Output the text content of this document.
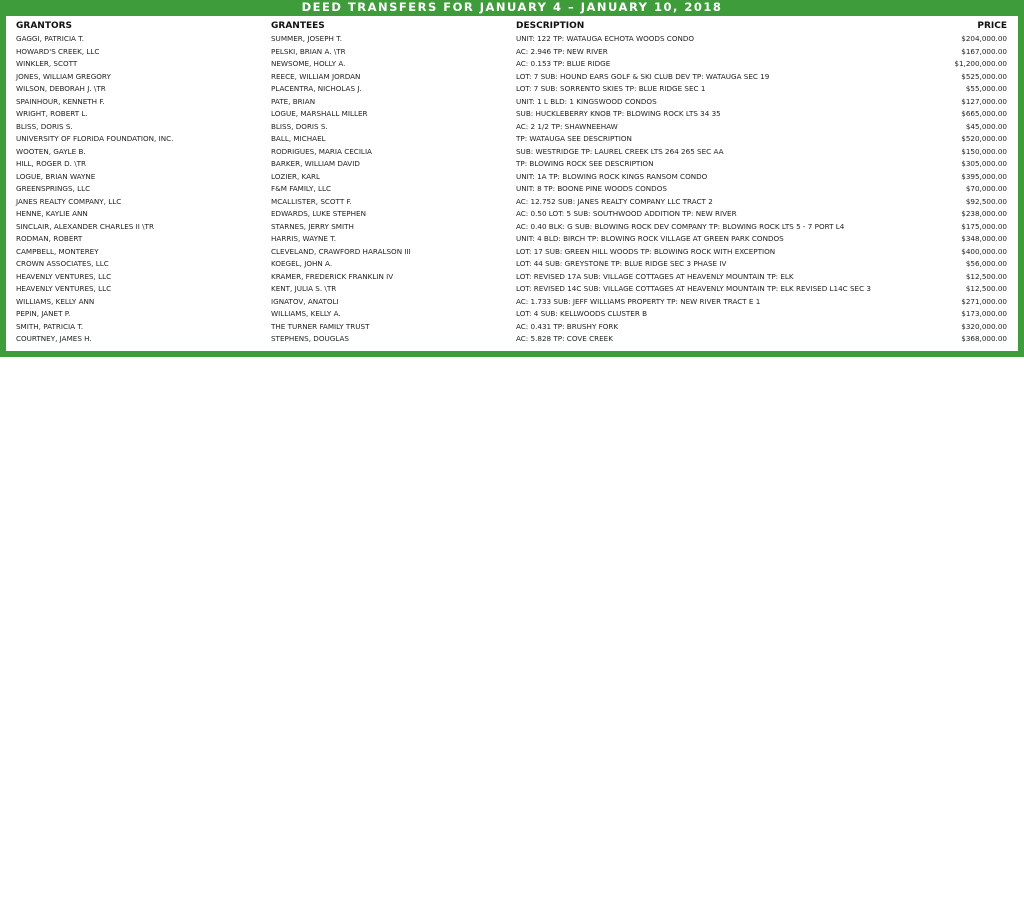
DEED TRANSFERS FOR JANUARY 4 – JANUARY 10, 2018
GRANTORS	GRANTEES	DESCRIPTION	PRICE
GAGGI, PATRICIA T.	SUMMER, JOSEPH T.	UNIT: 122 TP: WATAUGA ECHOTA WOODS CONDO	$204,000.00
HOWARD'S CREEK, LLC	PELSKI, BRIAN A. \TR	AC: 2.946 TP: NEW RIVER	$167,000.00
WINKLER, SCOTT	NEWSOME, HOLLY A.	AC: 0.153 TP: BLUE RIDGE	$1,200,000.00
JONES, WILLIAM GREGORY	REECE, WILLIAM JORDAN	LOT: 7 SUB: HOUND EARS GOLF & SKI CLUB DEV TP: WATAUGA SEC 19	$525,000.00
WILSON, DEBORAH J. \TR	PLACENTRA, NICHOLAS J.	LOT: 7 SUB: SORRENTO SKIES TP: BLUE RIDGE SEC 1	$55,000.00
SPAINHOUR, KENNETH F.	PATE, BRIAN	UNIT: 1 L BLD: 1 KINGSWOOD CONDOS	$127,000.00
WRIGHT, ROBERT L.	LOGUE, MARSHALL MILLER	SUB: HUCKLEBERRY KNOB TP: BLOWING ROCK LTS 34 35	$665,000.00
BLISS, DORIS S.	BLISS, DORIS S.	AC: 2 1/2 TP: SHAWNEEHAW	$45,000.00
UNIVERSITY OF FLORIDA FOUNDATION, INC.	BALL, MICHAEL	TP: WATAUGA SEE DESCRIPTION	$520,000.00
WOOTEN, GAYLE B.	RODRIGUES, MARIA CECILIA	SUB: WESTRIDGE TP: LAUREL CREEK LTS 264 265 SEC AA	$150,000.00
HILL, ROGER D. \TR	BARKER, WILLIAM DAVID	TP: BLOWING ROCK SEE DESCRIPTION	$305,000.00
LOGUE, BRIAN WAYNE	LOZIER, KARL	UNIT: 1A TP: BLOWING ROCK KINGS RANSOM CONDO	$395,000.00
GREENSPRINGS, LLC	F&M FAMILY, LLC	UNIT: 8 TP: BOONE PINE WOODS CONDOS	$70,000.00
JANES REALTY COMPANY, LLC	MCALLISTER, SCOTT F.	AC: 12.752 SUB: JANES REALTY COMPANY LLC TRACT 2	$92,500.00
HENNE, KAYLIE ANN	EDWARDS, LUKE STEPHEN	AC: 0.50 LOT: 5 SUB: SOUTHWOOD ADDITION TP: NEW RIVER	$238,000.00
SINCLAIR, ALEXANDER CHARLES II \TR	STARNES, JERRY SMITH	AC: 0.40 BLK: G SUB: BLOWING ROCK DEV COMPANY TP: BLOWING ROCK LTS 5 - 7 PORT L4	$175,000.00
RODMAN, ROBERT	HARRIS, WAYNE T.	UNIT: 4 BLD: BIRCH TP: BLOWING ROCK VILLAGE AT GREEN PARK CONDOS	$348,000.00
CAMPBELL, MONTEREY	CLEVELAND, CRAWFORD HARALSON III	LOT: 17 SUB: GREEN HILL WOODS TP: BLOWING ROCK WITH EXCEPTION	$400,000.00
CROWN ASSOCIATES, LLC	KOEGEL, JOHN A.	LOT: 44 SUB: GREYSTONE TP: BLUE RIDGE SEC 3 PHASE IV	$56,000.00
HEAVENLY VENTURES, LLC	KRAMER, FREDERICK FRANKLIN IV	LOT: REVISED 17A SUB: VILLAGE COTTAGES AT HEAVENLY MOUNTAIN TP: ELK	$12,500.00
HEAVENLY VENTURES, LLC	KENT, JULIA S. \TR	LOT: REVISED 14C SUB: VILLAGE COTTAGES AT HEAVENLY MOUNTAIN TP: ELK REVISED L14C SEC 3	$12,500.00
WILLIAMS, KELLY ANN	IGNATOV, ANATOLI	AC: 1.733 SUB: JEFF WILLIAMS PROPERTY TP: NEW RIVER TRACT E 1	$271,000.00
PEPIN, JANET P.	WILLIAMS, KELLY A.	LOT: 4 SUB: KELLWOODS CLUSTER B	$173,000.00
SMITH, PATRICIA T.	THE TURNER FAMILY TRUST	AC: 0.431 TP: BRUSHY FORK	$320,000.00
COURTNEY, JAMES H.	STEPHENS, DOUGLAS	AC: 5.828 TP: COVE CREEK	$368,000.00
